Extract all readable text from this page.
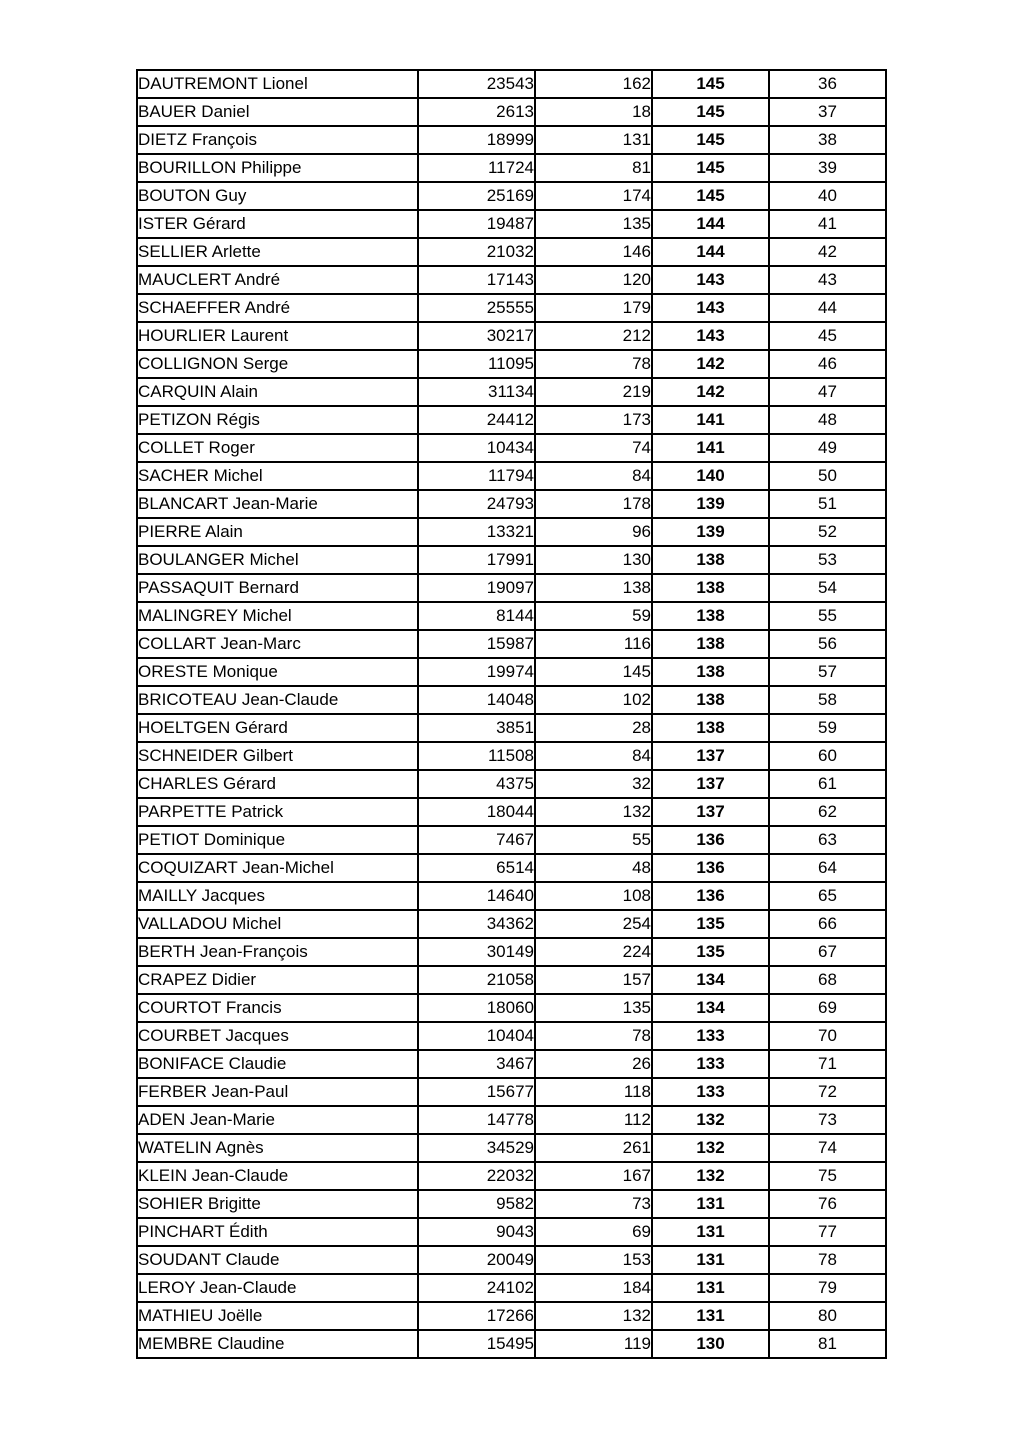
DAUTREMONT Lionel	23543	162	145	36
BAUER Daniel	2613	18	145	37
DIETZ François	18999	131	145	38
BOURILLON Philippe	11724	81	145	39
BOUTON Guy	25169	174	145	40
ISTER Gérard	19487	135	144	41
SELLIER Arlette	21032	146	144	42
MAUCLERT André	17143	120	143	43
SCHAEFFER André	25555	179	143	44
HOURLIER Laurent	30217	212	143	45
COLLIGNON Serge	11095	78	142	46
CARQUIN Alain	31134	219	142	47
PETIZON Régis	24412	173	141	48
COLLET Roger	10434	74	141	49
SACHER Michel	11794	84	140	50
BLANCART Jean-Marie	24793	178	139	51
PIERRE Alain	13321	96	139	52
BOULANGER Michel	17991	130	138	53
PASSAQUIT Bernard	19097	138	138	54
MALINGREY Michel	8144	59	138	55
COLLART Jean-Marc	15987	116	138	56
ORESTE Monique	19974	145	138	57
BRICOTEAU Jean-Claude	14048	102	138	58
HOELTGEN Gérard	3851	28	138	59
SCHNEIDER Gilbert	11508	84	137	60
CHARLES Gérard	4375	32	137	61
PARPETTE Patrick	18044	132	137	62
PETIOT Dominique	7467	55	136	63
COQUIZART Jean-Michel	6514	48	136	64
MAILLY Jacques	14640	108	136	65
VALLADOU Michel	34362	254	135	66
BERTH Jean-François	30149	224	135	67
CRAPEZ Didier	21058	157	134	68
COURTOT Francis	18060	135	134	69
COURBET Jacques	10404	78	133	70
BONIFACE Claudie	3467	26	133	71
FERBER Jean-Paul	15677	118	133	72
ADEN Jean-Marie	14778	112	132	73
WATELIN Agnès	34529	261	132	74
KLEIN Jean-Claude	22032	167	132	75
SOHIER Brigitte	9582	73	131	76
PINCHART Édith	9043	69	131	77
SOUDANT Claude	20049	153	131	78
LEROY Jean-Claude	24102	184	131	79
MATHIEU Joëlle	17266	132	131	80
MEMBRE Claudine	15495	119	130	81
